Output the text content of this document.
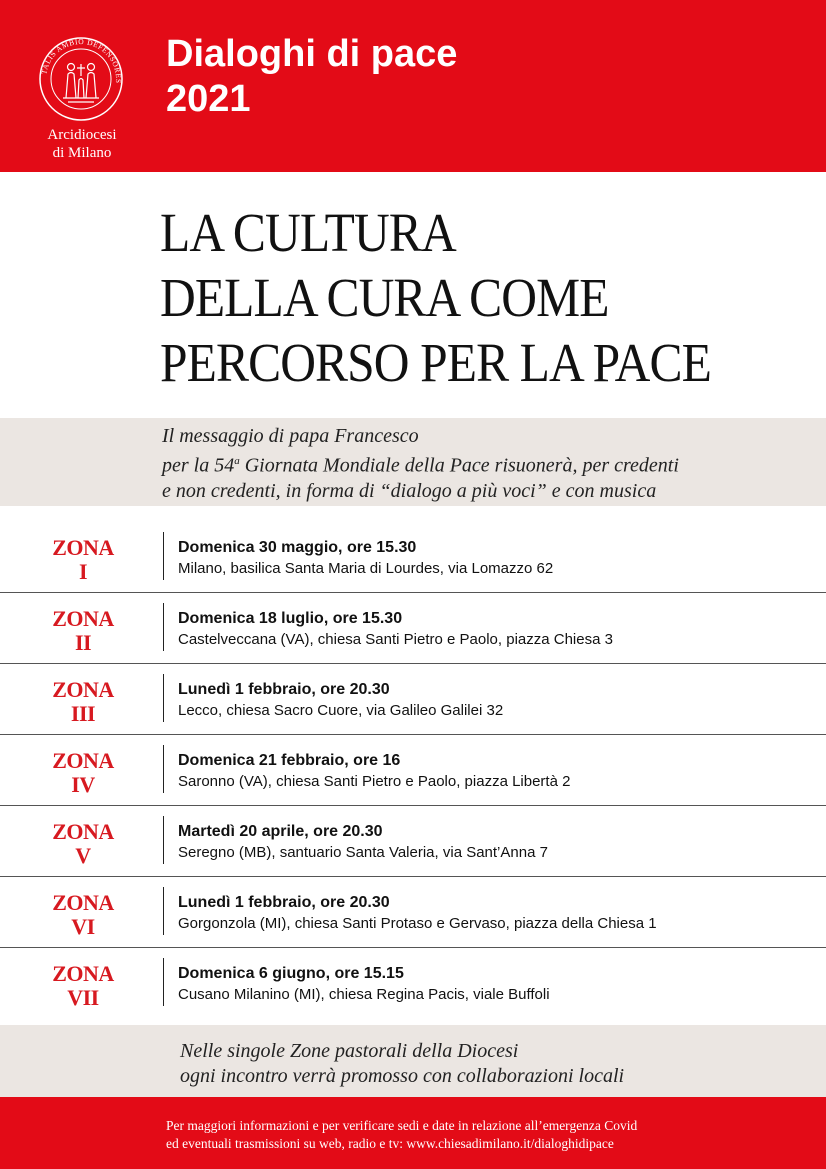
TALIS AMBIO DEFENSORES
Arcidiocesi
di Milano
Dialoghi di pace
2021
LA CULTURA
DELLA CURA COME
PERCORSO PER LA PACE
Il messaggio di papa Francesco
per la 54$^a$ Giornata Mondiale della Pace risuonerà, per credenti
e non credenti, in forma di “dialogo a più voci” e con musica
ZONA
I
Domenica 30 maggio, ore 15.30
Milano, basilica Santa Maria di Lourdes, via Lomazzo 62
ZONA
II
Domenica 18 luglio, ore 15.30
Castelveccana (VA), chiesa Santi Pietro e Paolo, piazza Chiesa 3
ZONA
III
Lunedì 1 febbraio, ore 20.30
Lecco, chiesa Sacro Cuore, via Galileo Galilei 32
ZONA
IV
Domenica 21 febbraio, ore 16
Saronno (VA), chiesa Santi Pietro e Paolo, piazza Libertà 2
ZONA
V
Martedì 20 aprile, ore 20.30
Seregno (MB), santuario Santa Valeria, via Sant’Anna 7
ZONA
VI
Lunedì 1 febbraio, ore 20.30
Gorgonzola (MI), chiesa Santi Protaso e Gervaso, piazza della Chiesa 1
ZONA
VII
Domenica 6 giugno, ore 15.15
Cusano Milanino (MI), chiesa Regina Pacis, viale Buffoli
Nelle singole Zone pastorali della Diocesi
ogni incontro verrà promosso con collaborazioni locali
Per maggiori informazioni e per verificare sedi e date in relazione all’emergenza Covid
ed eventuali trasmissioni su web, radio e tv: www.chiesadimilano.it/dialoghidipace
